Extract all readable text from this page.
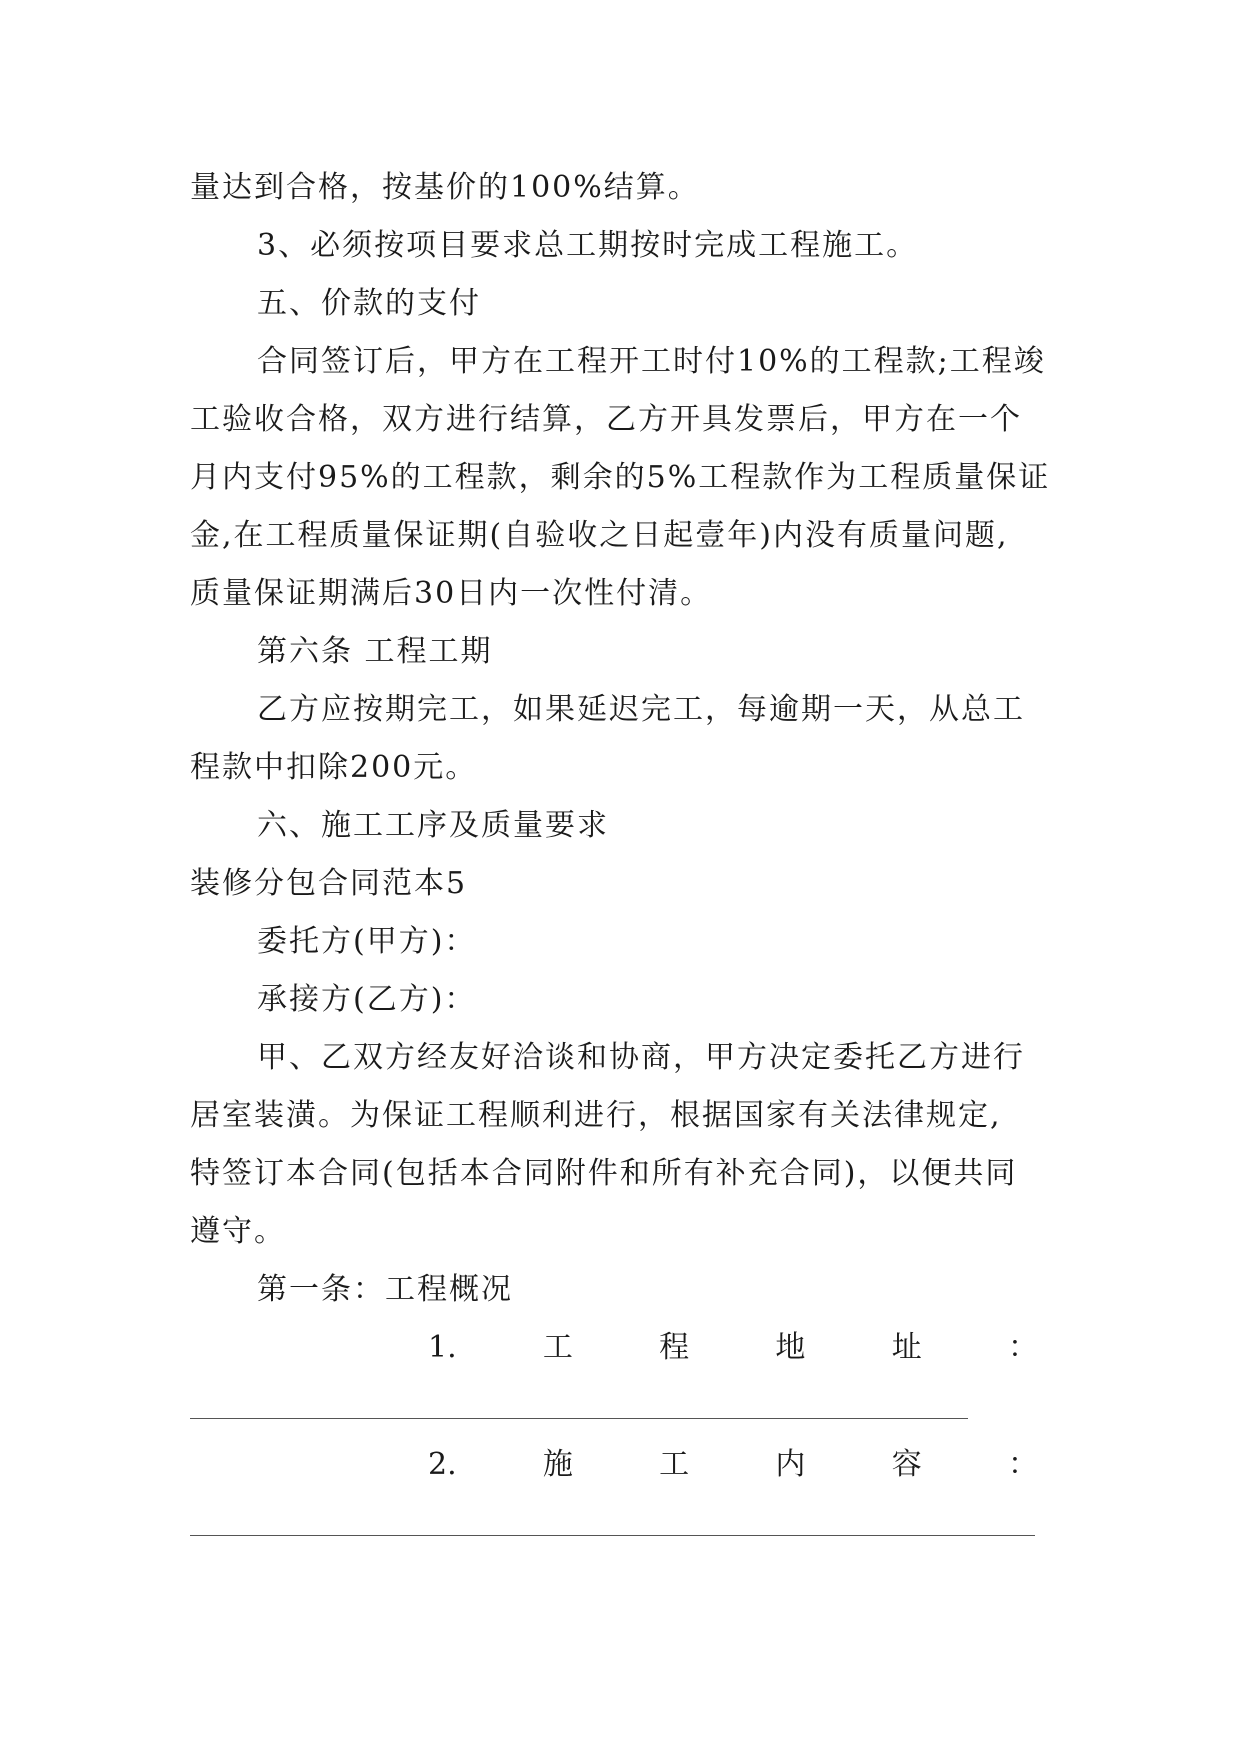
量达到合格，按基价的100%结算。
3、必须按项目要求总工期按时完成工程施工。
五、价款的支付
合同签订后，甲方在工程开工时付10%的工程款;工程竣
工验收合格，双方进行结算，乙方开具发票后，甲方在一个
月内支付95%的工程款，剩余的5%工程款作为工程质量保证
金,在工程质量保证期(自验收之日起壹年)内没有质量问题,
质量保证期满后30日内一次性付清。
第六条 工程工期
乙方应按期完工，如果延迟完工，每逾期一天，从总工
程款中扣除200元。
六、施工工序及质量要求
装修分包合同范本5
委托方(甲方)：
承接方(乙方)：
甲、乙双方经友好洽谈和协商，甲方决定委托乙方进行
居室装潢。为保证工程顺利进行，根据国家有关法律规定,
特签订本合同(包括本合同附件和所有补充合同)，以便共同
遵守。
第一条：工程概况
1.	工	程	地	址	：
2.	施	工	内	容	：
